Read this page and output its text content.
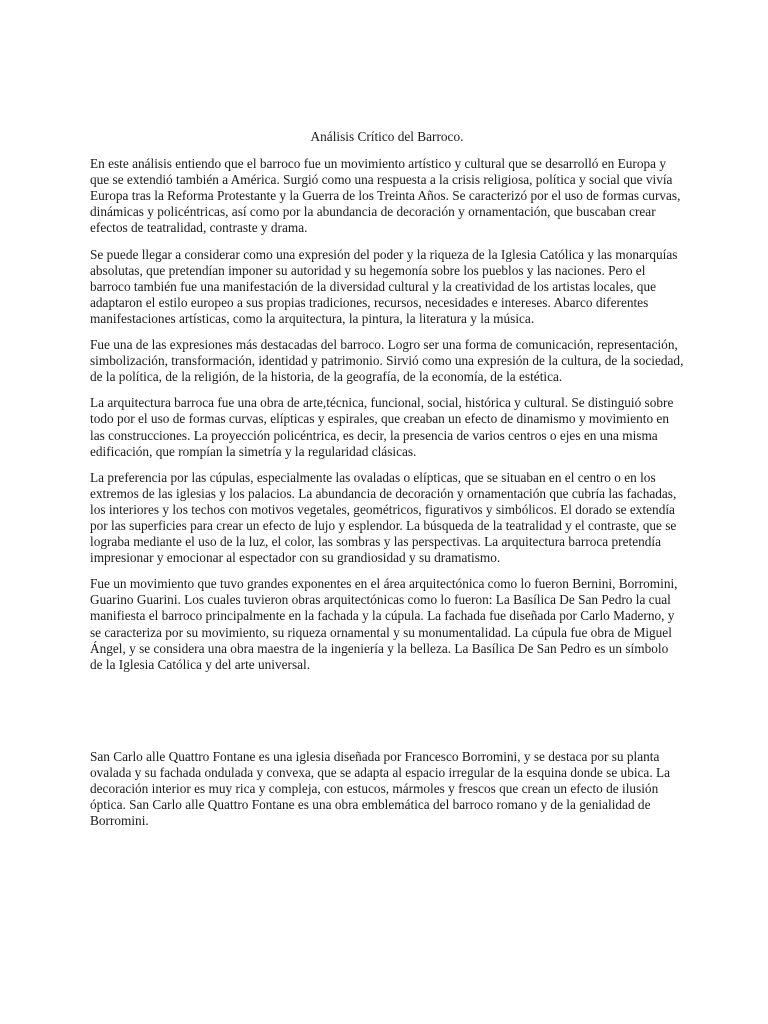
Análisis Crítico del Barroco.

En este análisis entiendo que el barroco fue un movimiento artístico y cultural que se desarrolló en Europa y que se extendió también a América. Surgió como una respuesta a la crisis religiosa, política y social que vivía Europa tras la Reforma Protestante y la Guerra de los Treinta Años. Se caracterizó por el uso de formas curvas, dinámicas y policéntricas, así como por la abundancia de decoración y ornamentación, que buscaban crear efectos de teatralidad, contraste y drama.

Se puede llegar a considerar como una expresión del poder y la riqueza de la Iglesia Católica y las monarquías absolutas, que pretendían imponer su autoridad y su hegemonía sobre los pueblos y las naciones. Pero el barroco también fue una manifestación de la diversidad cultural y la creatividad de los artistas locales, que adaptaron el estilo europeo a sus propias tradiciones, recursos, necesidades e intereses. Abarco diferentes manifestaciones artísticas, como la arquitectura, la pintura, la literatura y la música.

Fue una de las expresiones más destacadas del barroco. Logro ser una forma de comunicación, representación, simbolización, transformación, identidad y patrimonio. Sirvió como una expresión de la cultura, de la sociedad, de la política, de la religión, de la historia, de la geografía, de la economía, de la estética.

La arquitectura barroca fue una obra de arte,técnica, funcional, social, histórica y cultural. Se distinguió sobre todo por el uso de formas curvas, elípticas y espirales, que creaban un efecto de dinamismo y movimiento en las construcciones. La proyección policéntrica, es decir, la presencia de varios centros o ejes en una misma edificación, que rompían la simetría y la regularidad clásicas.

La preferencia por las cúpulas, especialmente las ovaladas o elípticas, que se situaban en el centro o en los extremos de las iglesias y los palacios. La abundancia de decoración y ornamentación que cubría las fachadas, los interiores y los techos con motivos vegetales, geométricos, figurativos y simbólicos. El dorado se extendía por las superficies para crear un efecto de lujo y esplendor. La búsqueda de la teatralidad y el contraste, que se lograba mediante el uso de la luz, el color, las sombras y las perspectivas. La arquitectura barroca pretendía impresionar y emocionar al espectador con su grandiosidad y su dramatismo.

Fue un movimiento que tuvo grandes exponentes en el área arquitectónica como lo fueron Bernini, Borromini, Guarino Guarini. Los cuales tuvieron obras arquitectónicas como lo fueron: La Basílica De San Pedro la cual manifiesta el barroco principalmente en la fachada y la cúpula. La fachada fue diseñada por Carlo Maderno, y se caracteriza por su movimiento, su riqueza ornamental y su monumentalidad. La cúpula fue obra de Miguel Ángel, y se considera una obra maestra de la ingeniería y la belleza. La Basílica De San Pedro es un símbolo de la Iglesia Católica y del arte universal.

San Carlo alle Quattro Fontane es una iglesia diseñada por Francesco Borromini, y se destaca por su planta ovalada y su fachada ondulada y convexa, que se adapta al espacio irregular de la esquina donde se ubica. La decoración interior es muy rica y compleja, con estucos, mármoles y frescos que crean un efecto de ilusión óptica. San Carlo alle Quattro Fontane es una obra emblemática del barroco romano y de la genialidad de Borromini.
